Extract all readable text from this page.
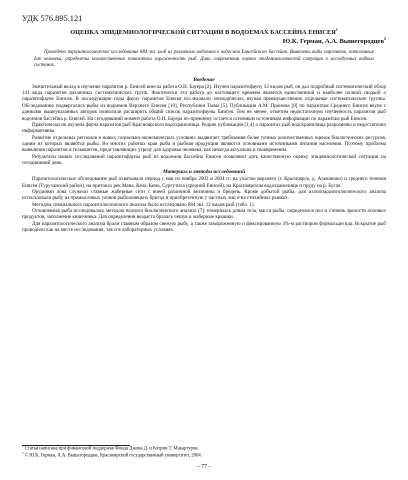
УДК 576.895.121

ОЦЕНКА ЭПИДЕМИОЛОГИЧЕСКОЙ СИТУАЦИИ В ВОДОЕМАХ БАССЕЙНА ЕНИСЕЯ$^1$

Ю.К. Герман, А.А. Вышегородцев$^2$

Проведено паразитологическое исследование 884 экз. рыб из различных водоемов в водосмов Енисейского бассейна. Выявлены виды паразитов, патогенные для человека, определены количественные показатели зараженности рыб. Дана современная оценка эпидемиологической ситуации в исследуемых водных системах.

Введение

Значительный вклад в изучение паразитов р. Енисей внесла работа О.Н. Бауера [2]. Изучен паразитофауну 32 видов рыб, он дал подробный систематический обзор 141 вида паразитов различных систематических групп. Фактически эта работа до настоящего времени является единственной и наиболее полной сводкой о паразитофауне Енисея. В последующие годы фауну паразитов Енисея исследовали эпизодически, изучая преимущественно отдельные систематические группы. Обследованию подвергались рыбы из водоемов Верхнего Енисея [10], Республики Тывы [5]. Публикация А.М. Пронина [8] по паразитам Среднего Енисея вкупе с данными вышеуказанных авторов позволили расширить общий список паразитофауны Енисея. Тем не менее, отметим недостаточную изученность паразитов рыб водоемов бассейна р. Енисей. На сегодняшний момент работа О.Н. Бауера по-прежнему остается основным источником информации по паразитам рыб Енисея.

Практически не изучена фауна паразитов рыб Красноярского водохранилища. Редкие публикации [1,4] о паразитах рыб водохранилища разрознены и недостаточно информативны.

Развитие отдельных регионов в новых социально-экономических условиях выдвигает требования более точных количественных оценок биологических ресурсов, одним из которых являются рыбы. Во многих районах края рыба и рыбная продукция являются основными источниками питания населения. Поэтому проблема выявления паразитов и гельминтов, представляющих угрозу для здоровья человека, как никогда актуальна и своевременна.

Результаты наших исследований паразитофауны рыб из водоемов бассейна Енисея позволяют дать качественную оценку эпидемиологической ситуации на сегодняшний день.

Материал и методы исследований

Паразитологическое обследование рыб охватывало период с мая по ноябрь 2003 и 2004 гг. на участке верхнего (г. Красноярск, д. Атаманово) и среднего течения Енисея (Туруханский район), на притоках рек Мана, Кача, Кемь, Сургутиха (средний Енисей), на Красноярском водохранилище и пруду на р. Бугач.

Орудиями лова служили ставные жаберные сети с ячеей различной величины и бредень. Кроме добытой рыбы, для ихтиопаразитологического анализа использовали рыбу из промысловых уловов рыболовецких бригад и приобретенную у частных лиц и на стихийных рынках.

Методом специального паразитологического анализа было исследовано 884 экз. 12 видов рыб (табл. 1).

Отловленная рыба исследовалась методом полного биологического анализа [7]: измерялась длина тела, масса рыбы, определялся пол и степень зрелости половых продуктов, заполнение кишечника. Для определения возраста бралась чешуя и жаберные крышки.

Для паразитологического анализа брали главным образом свежую рыбу, а также замороженную и фиксированную 4%-м раствором формальдегида. Вскрытие рыб проводили как на месте исследования, так и в лабораторных условиях.

$^1$ Статья написана при финансовой поддержке Фонда Джона Д. и Кэтрин Т. Макартуров.

$^2$ © Ю.К. Герман, А.А. Вышегородцев, Красноярский государственный университет, 2004.

– 77 –
